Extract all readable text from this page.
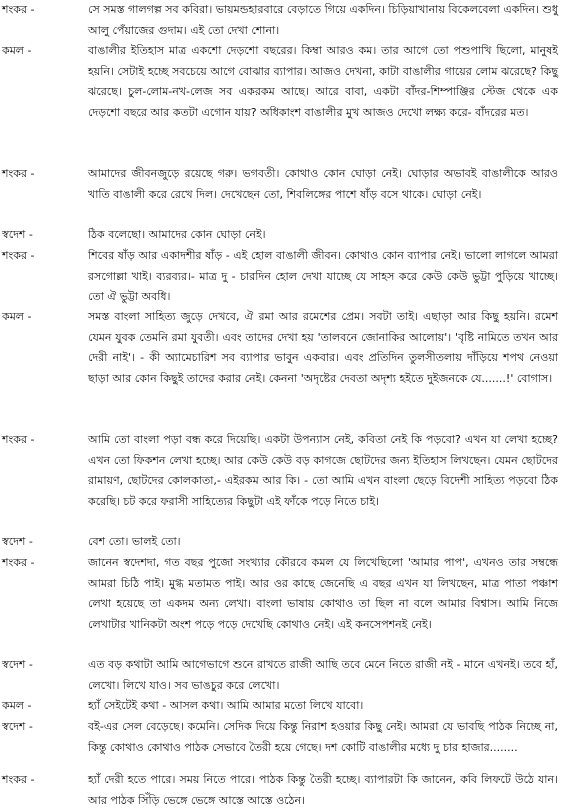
শংকর -	সে সমস্ত গালগল্প সব কবিরা। ভায়মন্ডহারবারে বেড়াতে গিয়ে একদিন। চিড়িয়াখানায় বিকেলবেলা একদিন। শুধু আলু পেঁয়াজের গুদাম। এই তো দেখা শোনা।
কমল -	বাঙালীর ইতিহাস মাত্র একশো দেড়শো বছরের। কিম্বা আরও কম। তার আগে তো পশুপাখি ছিলো, মানুষই হয়নি। সেটাই হচ্ছে সবচেয়ে আগে বোঝার ব্যাপার। আজও দেখনা, কাটা বাঙালীর গায়ের লোম ঝরেছে? কিছু ঝরেছে। চুল-লোম-নখ-লেজ সব একরকম আছে। আরে বাবা, একটা বাঁদর-শিম্পাঞ্জির স্টেজ থেকে এক দেড়শো বছরে আর কতটা এগোন যায়? অধিকাংশ বাঙালীর মুখ আজও দেখো লক্ষ্য করে- বাঁদরের মত।
শংকর -	আমাদের জীবনজুড়ে রয়েছে গরু। ভগবতী। কোথাও কোন ঘোড়া নেই। ঘোড়ার অভাবই বাঙালীকে আরও খাতি বাঙালী করে রেখে দিল। দেখেছেন তো, শিবলিঙ্গের পাশে ষাঁড় বসে থাকে। ঘোড়া নেই।
স্বদেশ -	ঠিক বলেছো। আমাদের কোন ঘোড়া নেই।
শংকর -	শিবের ষাঁড় আর একাদশীর ষাঁড় - এই হোল বাঙালী জীবন। কোথাও কোন ব্যাপার নেই। ভালো লাগলে আমরা রসগোল্লা খাই। ব্যরব্যর।- মাত্র দু - চারদিন হোল দেখা যাচ্ছে যে সাহস করে কেউ কেউ ভুট্টা পুড়িয়ে খাচ্ছে। তো ঐ ভুট্টা অবধি।
কমল -	সমস্ত বাংলা সাহিত্য জুড়ে দেখবে, ঐ রমা আর রমেশের প্রেম। সবটা তাই। এছাড়া আর কিছু হয়নি। রমেশ যেমন যুবক তেমনি রমা যুবতী। এবং তাদের দেখা হয় 'তালবনে জোনাকির আলোয়'। 'বৃষ্টি নামিতে তখন আর দেরী নাই'। - কী অ্যামেচারিশ সব ব্যাপার ভাবুন একবার। এবং প্রতিদিন তুলসীতলায় দাঁড়িয়ে শপথ নেওয়া ছাড়া আর কোন কিছুই তাদের করার নেই। কেননা 'অদৃষ্টের দেবতা অদৃশ্য হইতে দুইজনকে যে.......!' বোগাস।
শংকর -	আমি তো বাংলা পড়া বন্ধ করে দিয়েছি। একটা উপন্যাস নেই, কবিতা নেই কি পড়বো? এখন যা লেখা হচ্ছে? এখন তো ফিকশন লেখা হচ্ছে। আর কেউ কেউ বড় কাগজে ছোটদের জন্য ইতিহাস লিখছেন। যেমন ছোটদের রামায়ণ, ছোটদের কোলকাতা,- এইরকম আর কি। - তো আমি এখন বাংলা ছেড়ে বিদেশী সাহিত্য পড়বো ঠিক করেছি। চট করে ফরাসী সাহিত্যের কিছুটা এই ফাঁকে পড়ে নিতে চাই।
স্বদেশ -	বেশ তো। ভালই তো।
শংকর -	জানেন স্বদেশদা, গত বছর পুজো সংখ্যার কৌরবে কমল যে লিখেছিলো 'আমার পাপ', এখনও তার সম্বন্ধে আমরা চিঠি পাই। মুগ্ধ মতামত পাই। আর ওর কাছে জেনেছি এ বছর এখন যা লিখছেন, মাত্র পাতা পঞ্চাশ লেখা হয়েছে তা একদম অন্য লেখা। বাংলা ভাষায় কোথাও তা ছিল না বলে আমার বিশ্বাস। আমি নিজে লেখাটার খানিকটা অংশ পড়ে পড়ে দেখেছি কোথাও নেই। এই কনসেপশনই নেই।
স্বদেশ -	এত বড় কথাটা আমি আগেভাগে শুনে রাখতে রাজী আছি তবে মেনে নিতে রাজী নই - মানে এখনই। তবে হাঁ, লেখো। লিখে যাও। সব ভাঙচুর করে লেখো।
কমল -	হ্যাঁ সেইটেই কথা - আসল কথা। আমি আমার মতো লিখে যাবো।
স্বদেশ -	বই-এর সেল বেড়েছে। কমেনি। সেদিক দিয়ে কিন্তু নিরাশ হওয়ার কিছু নেই। আমরা যে ভাবছি পাঠক নিচ্ছে না, কিন্তু কোথাও কোথাও পাঠক সেভাবে তৈরী হয়ে গেছে। দশ কোটি বাঙালীর মধ্যে দু চার হাজার........
শংকর -	হ্যাঁ দেরী হতে পারে। সময় নিতে পারে। পাঠক কিন্তু তৈরী হচ্ছে। ব্যাপারটা কি জানেন, কবি লিফটে উঠে যান। আর পাঠক সিঁড়ি ভেঙ্গে ভেঙ্গে আস্তে আস্তে ওঠেন।
